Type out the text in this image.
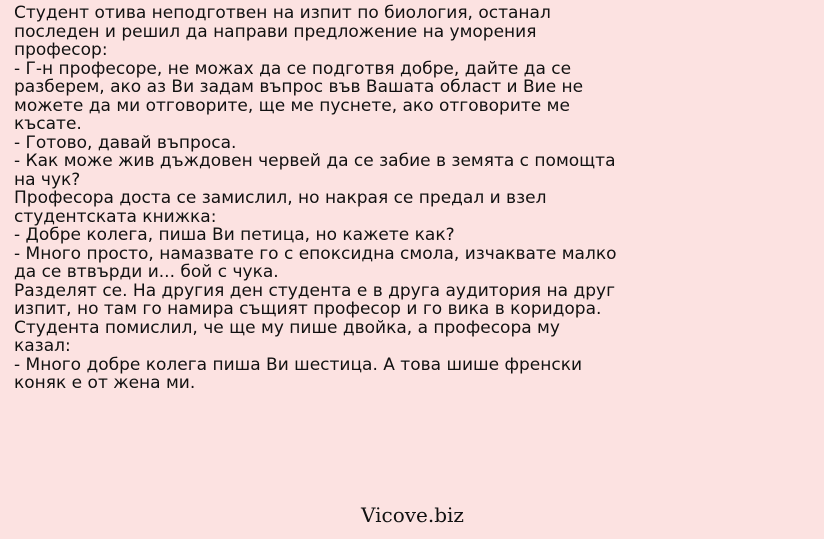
Студент отива неподготвен на изпит по биология, останал
последен и решил да направи предложение на уморения
професор:
- Г-н професоре, не можах да се подготвя добре, дайте да се
разберем, ако аз Ви задам въпрос във Вашата област и Вие не
можете да ми отговорите, ще ме пуснете, ако отговорите ме
късате.
- Готово, давай въпроса.
- Как може жив дъждовен червей да се забие в земята с помощта
на чук?
Професора доста се замислил, но накрая се предал и взел
студентската книжка:
- Добре колега, пиша Ви петица, но кажете как?
- Много просто, намазвате го с епоксидна смола, изчаквате малко
да се втвърди и... бой с чука.
Разделят се. На другия ден студента е в друга аудитория на друг
изпит, но там го намира същият професор и го вика в коридора.
Студента помислил, че ще му пише двойка, а професора му
казал:
- Много добре колега пиша Ви шестица. А това шише френски
коняк е от жена ми.
Vicove.biz
